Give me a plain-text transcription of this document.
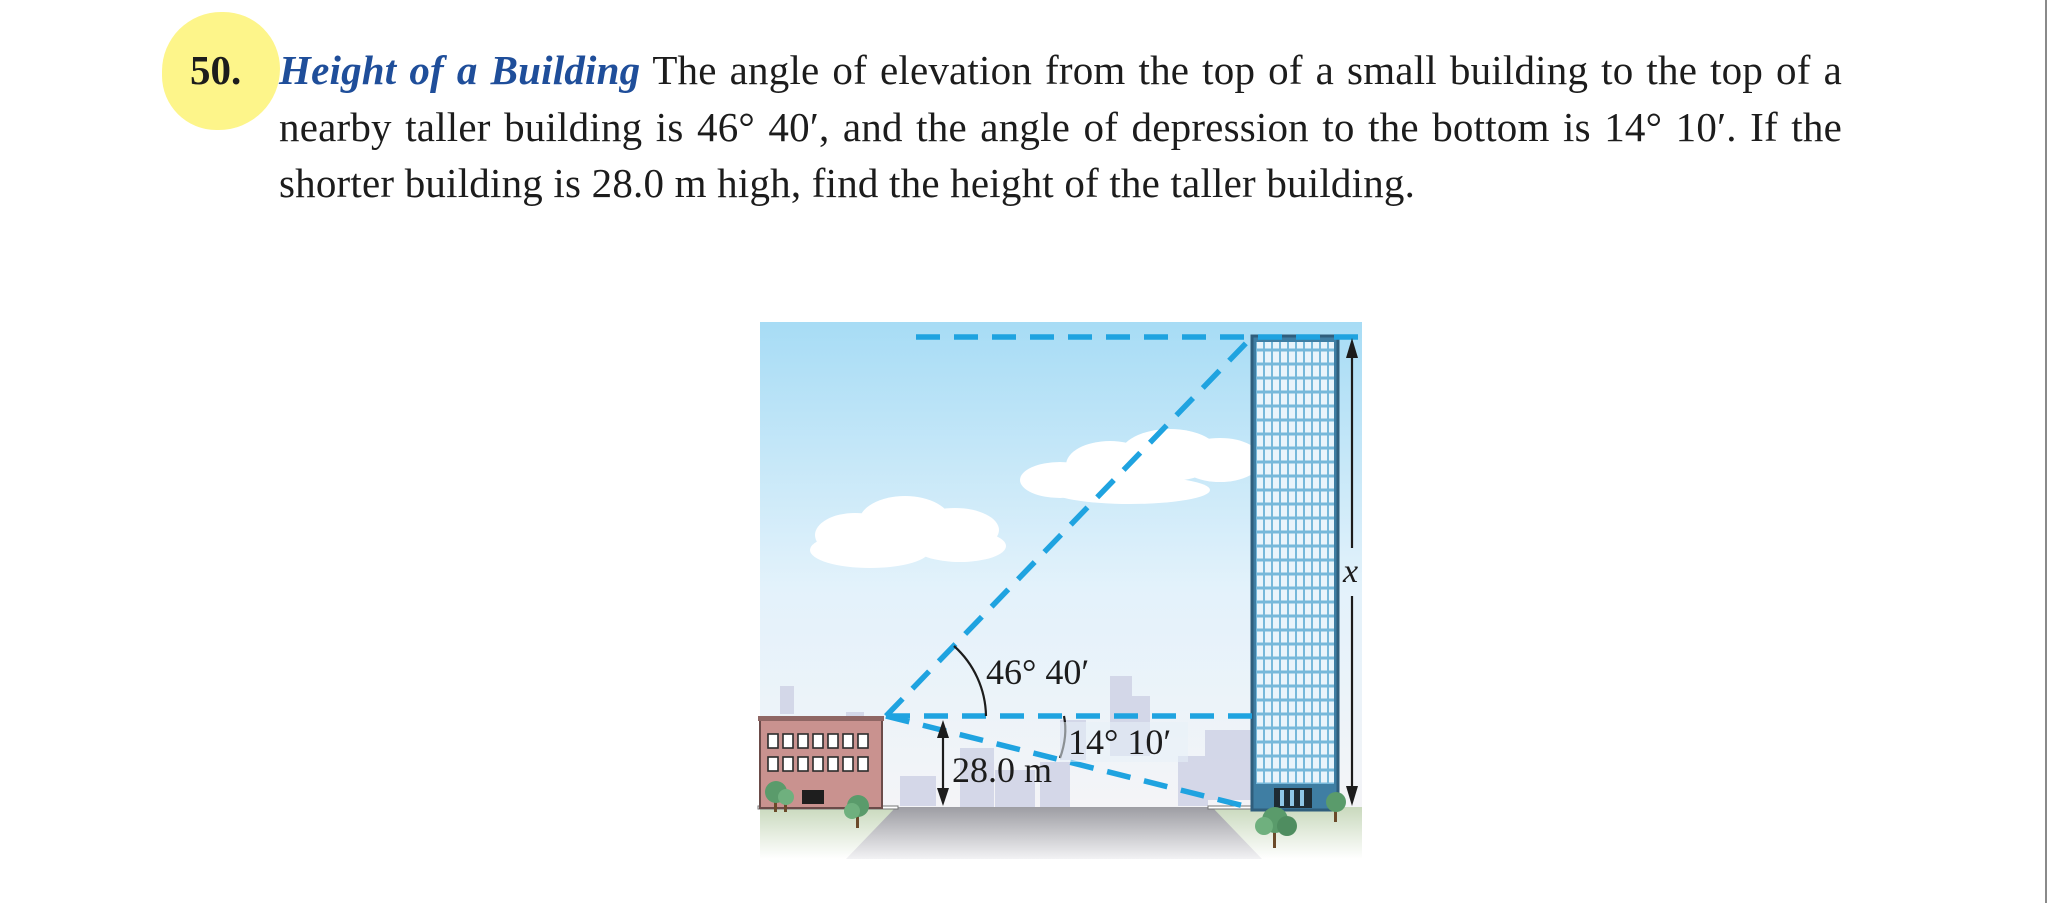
50. Height of a Building The angle of elevation from the top of a small building to the top of a nearby taller building is 46° 40′, and the angle of depression to the bottom is 14° 10′. If the shorter building is 28.0 m high, find the height of the taller building.
46° 40′
14° 10′
28.0 m
x
